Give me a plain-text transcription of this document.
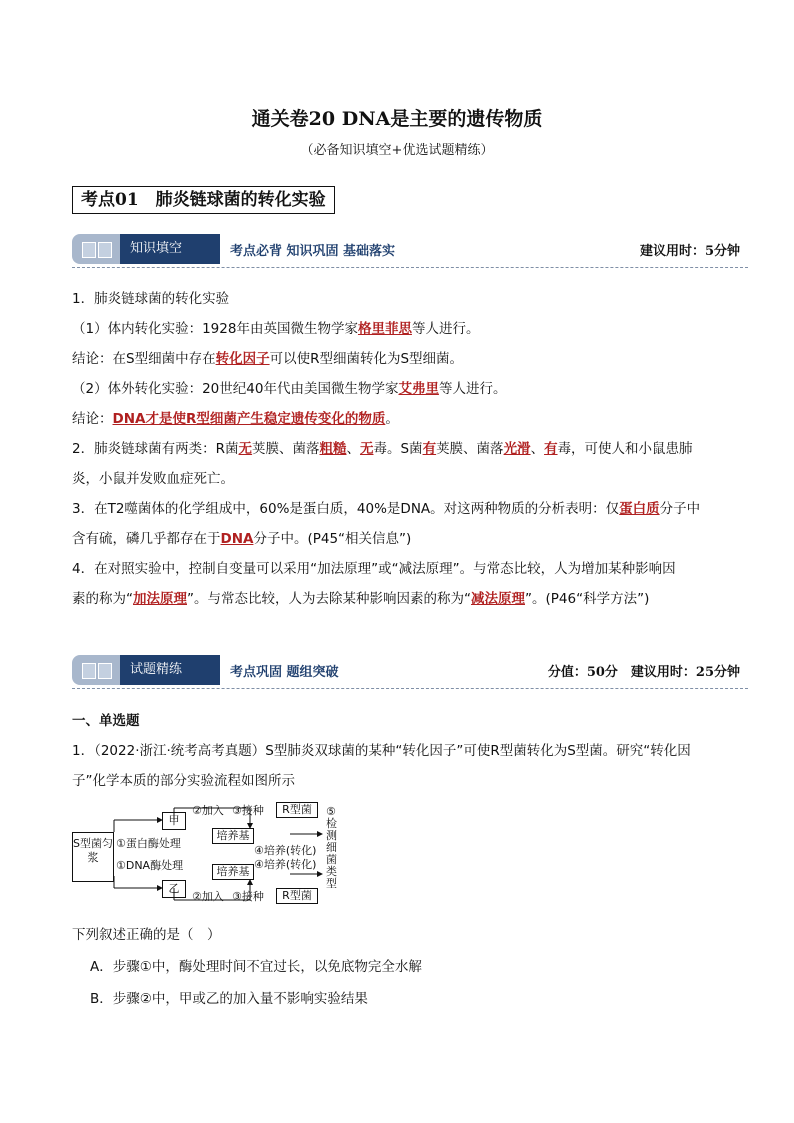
通关卷20 DNA是主要的遗传物质
（必备知识填空+优选试题精练）
考点01　肺炎链球菌的转化实验
知识填空	考点必背 知识巩固 基础落实	建议用时：5分钟
1．肺炎链球菌的转化实验
（1）体内转化实验：1928年由英国微生物学家格里菲思等人进行。
结论：在S型细菌中存在转化因子可以使R型细菌转化为S型细菌。
（2）体外转化实验：20世纪40年代由美国微生物学家艾弗里等人进行。
结论：DNA才是使R型细菌产生稳定遗传变化的物质。
2．肺炎链球菌有两类：R菌无荚膜、菌落粗糙、无毒。S菌有荚膜、菌落光滑、有毒，可使人和小鼠患肺
炎，小鼠并发败血症死亡。
3．在T2噬菌体的化学组成中，60%是蛋白质，40%是DNA。对这两种物质的分析表明：仅蛋白质分子中
含有硫，磷几乎都存在于DNA分子中。(P45“相关信息”)
4．在对照实验中，控制自变量可以采用“加法原理”或“减法原理”。与常态比较，人为增加某种影响因
素的称为“加法原理”。与常态比较，人为去除某种影响因素的称为“减法原理”。(P46“科学方法”)
试题精练	考点巩固 题组突破	分值：50分　建议用时：25分钟
一、单选题
1．（2022·浙江·统考高考真题）S型肺炎双球菌的某种“转化因子”可使R型菌转化为S型菌。研究“转化因
子”化学本质的部分实验流程如图所示
S型菌匀浆
甲
乙
①蛋白酶处理
①DNA酶处理
②加入
②加入
③接种
③接种
R型菌
R型菌
培养基
培养基
④培养(转化)
④培养(转化)
⑤检测细菌类型
下列叙述正确的是（　）
A．步骤①中，酶处理时间不宜过长，以免底物完全水解
B．步骤②中，甲或乙的加入量不影响实验结果
